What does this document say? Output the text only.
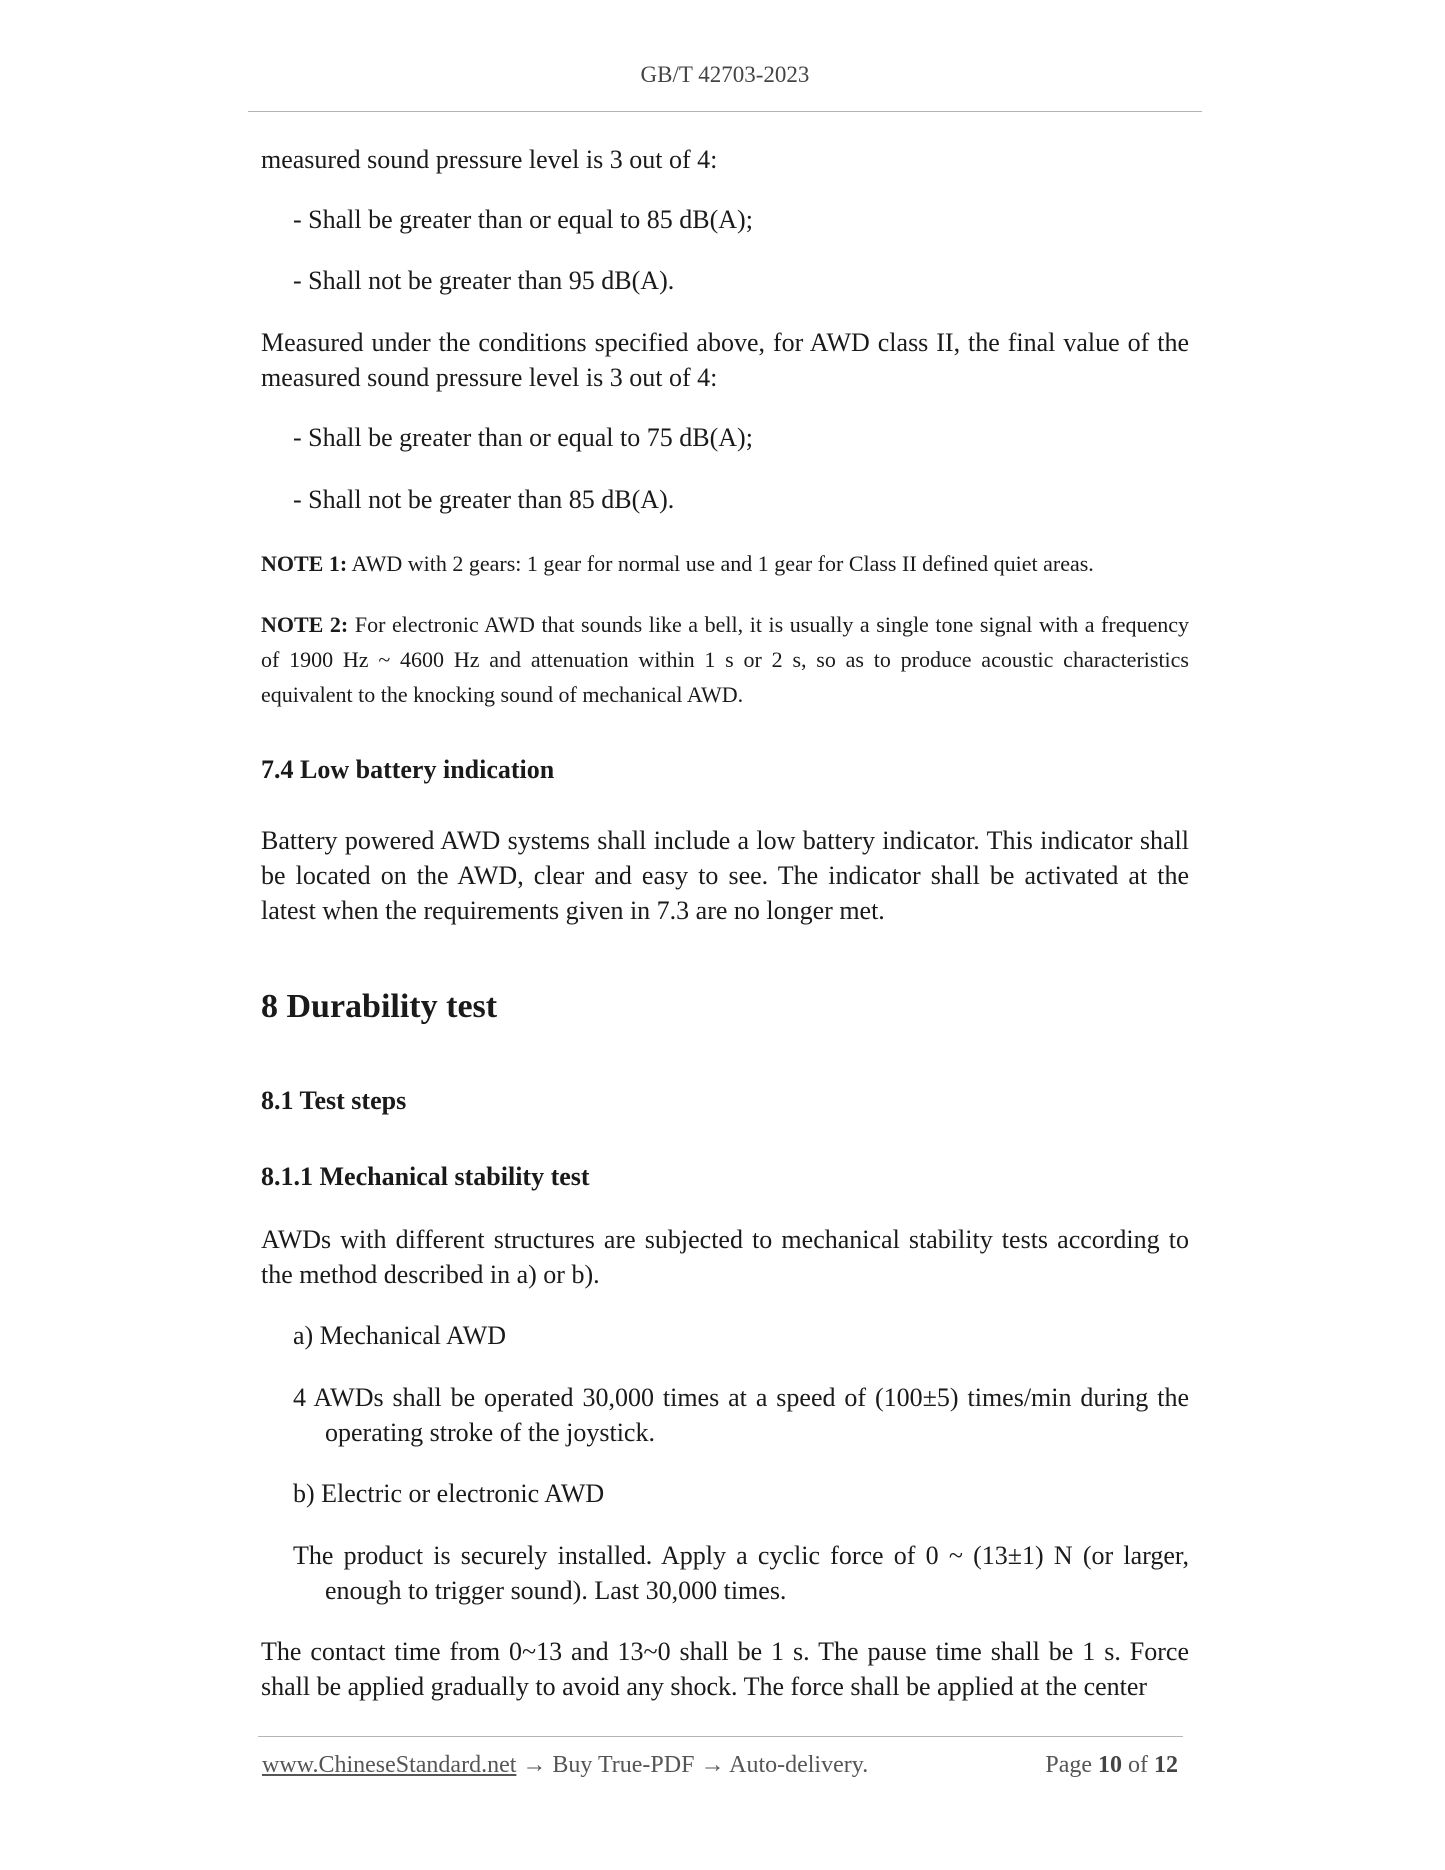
GB/T 42703-2023

measured sound pressure level is 3 out of 4:

- Shall be greater than or equal to 85 dB(A);

- Shall not be greater than 95 dB(A).

Measured under the conditions specified above, for AWD class II, the final value of the measured sound pressure level is 3 out of 4:

- Shall be greater than or equal to 75 dB(A);

- Shall not be greater than 85 dB(A).

NOTE 1: AWD with 2 gears: 1 gear for normal use and 1 gear for Class II defined quiet areas.

NOTE 2: For electronic AWD that sounds like a bell, it is usually a single tone signal with a frequency of 1900 Hz ~ 4600 Hz and attenuation within 1 s or 2 s, so as to produce acoustic characteristics equivalent to the knocking sound of mechanical AWD.

7.4 Low battery indication

Battery powered AWD systems shall include a low battery indicator. This indicator shall be located on the AWD, clear and easy to see. The indicator shall be activated at the latest when the requirements given in 7.3 are no longer met.

8 Durability test
8.1 Test steps
8.1.1 Mechanical stability test

AWDs with different structures are subjected to mechanical stability tests according to the method described in a) or b).

a) Mechanical AWD

4 AWDs shall be operated 30,000 times at a speed of (100±5) times/min during the operating stroke of the joystick.

b) Electric or electronic AWD

The product is securely installed. Apply a cyclic force of 0 ~ (13±1) N (or larger, enough to trigger sound). Last 30,000 times.

The contact time from 0~13 and 13~0 shall be 1 s. The pause time shall be 1 s. Force shall be applied gradually to avoid any shock. The force shall be applied at the center

www.ChineseStandard.net → Buy True-PDF → Auto-delivery.	Page 10 of 12
